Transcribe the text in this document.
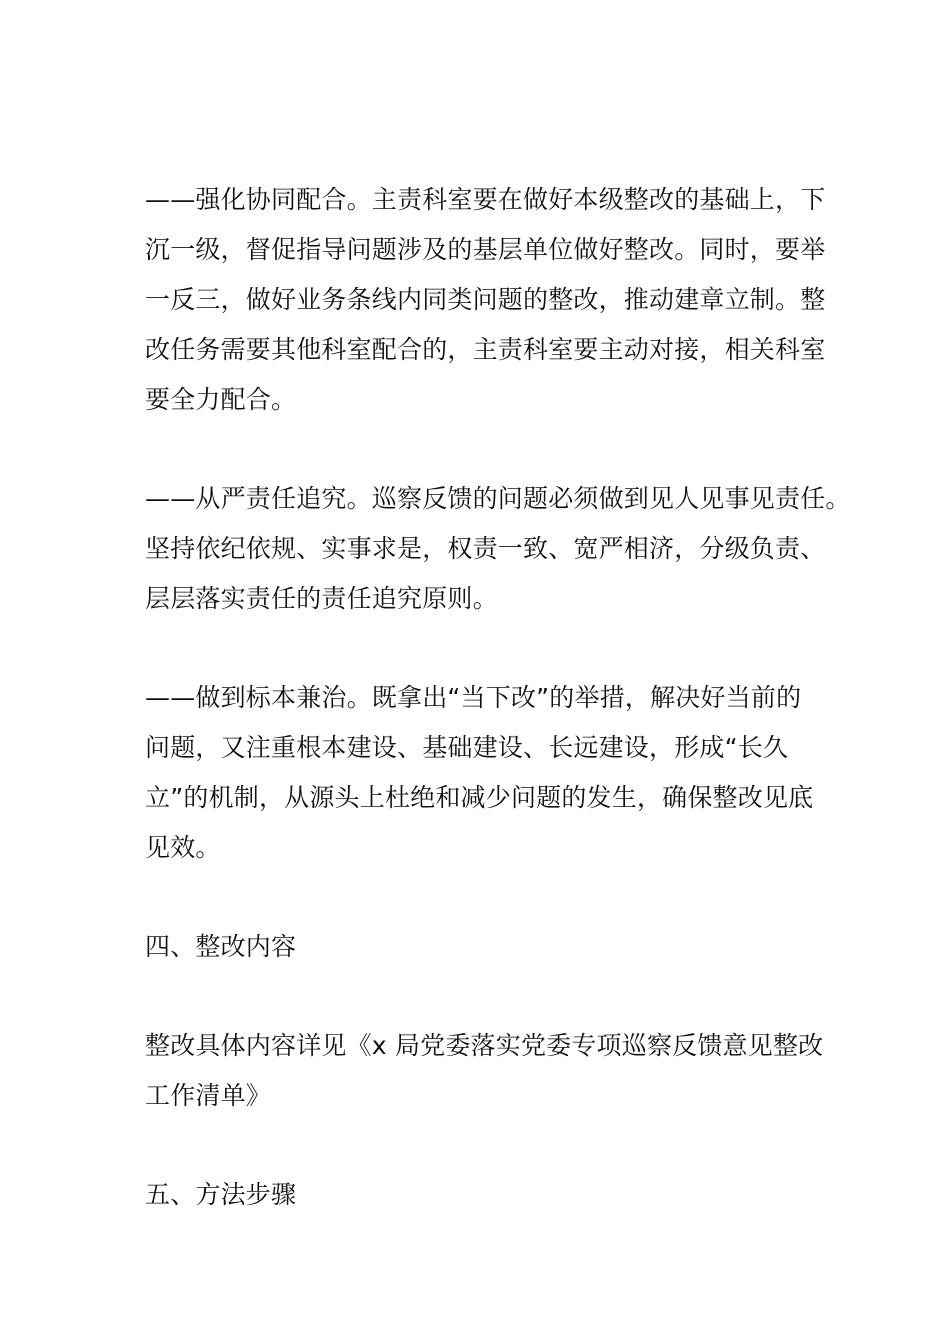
——强化协同配合。主责科室要在做好本级整改的基础上，下
沉一级，督促指导问题涉及的基层单位做好整改。同时，要举
一反三，做好业务条线内同类问题的整改，推动建章立制。整
改任务需要其他科室配合的，主责科室要主动对接，相关科室
要全力配合。
——从严责任追究。巡察反馈的问题必须做到见人见事见责任。
坚持依纪依规、实事求是，权责一致、宽严相济，分级负责、
层层落实责任的责任追究原则。
——做到标本兼治。既拿出“当下改”的举措，解决好当前的
问题，又注重根本建设、基础建设、长远建设，形成“长久
立”的机制，从源头上杜绝和减少问题的发生，确保整改见底
见效。
四、整改内容
整改具体内容详见《x 局党委落实党委专项巡察反馈意见整改
工作清单》
五、方法步骤
